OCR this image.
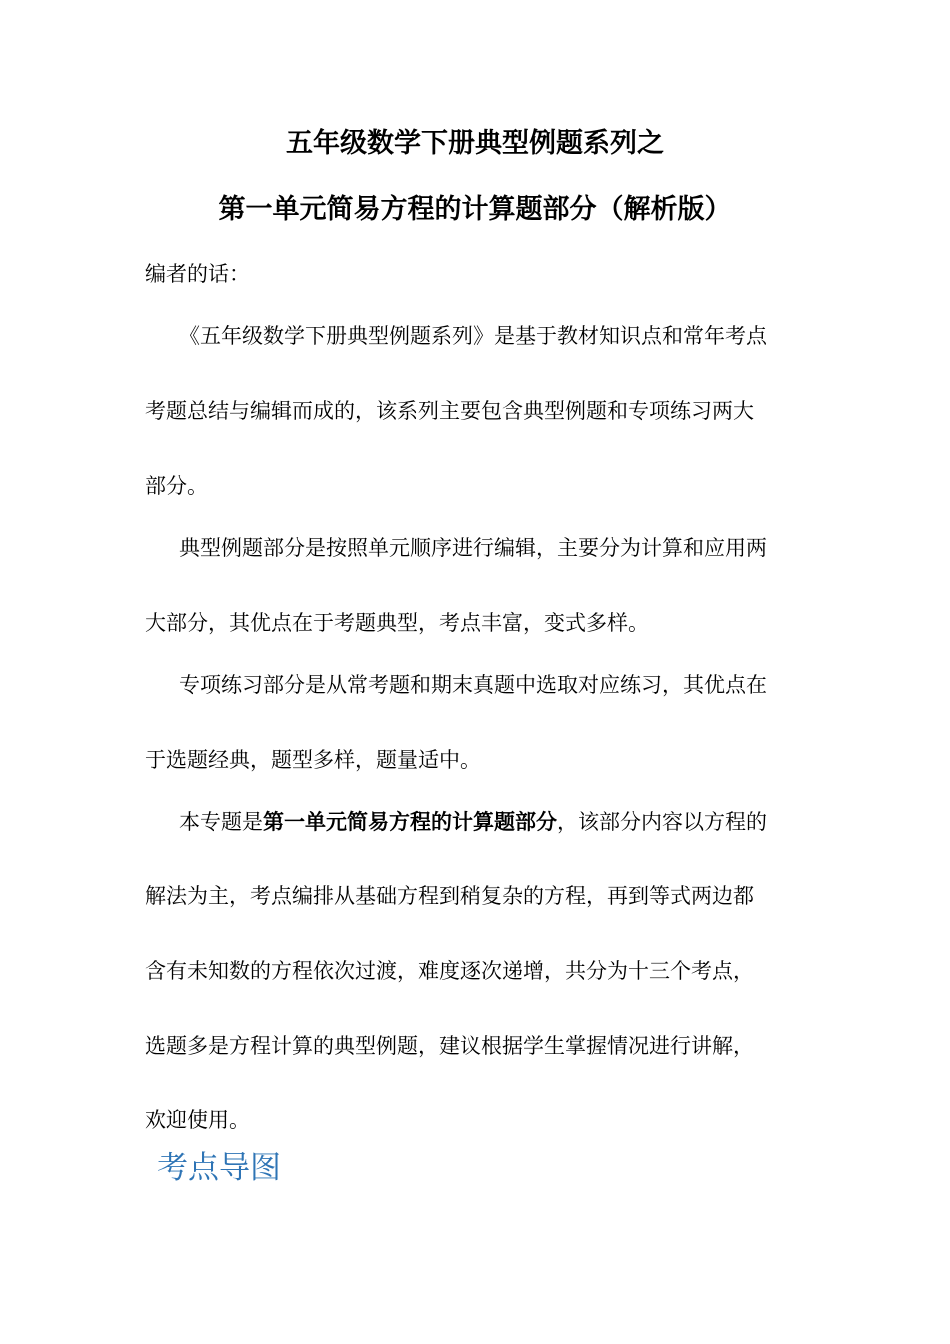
五年级数学下册典型例题系列之
第一单元简易方程的计算题部分（解析版）
编者的话：
《五年级数学下册典型例题系列》是基于教材知识点和常年考点
考题总结与编辑而成的，该系列主要包含典型例题和专项练习两大
部分。
典型例题部分是按照单元顺序进行编辑，主要分为计算和应用两
大部分，其优点在于考题典型，考点丰富，变式多样。
专项练习部分是从常考题和期末真题中选取对应练习，其优点在
于选题经典，题型多样，题量适中。
本专题是第一单元简易方程的计算题部分，该部分内容以方程的
解法为主，考点编排从基础方程到稍复杂的方程，再到等式两边都
含有未知数的方程依次过渡，难度逐次递增，共分为十三个考点，
选题多是方程计算的典型例题，建议根据学生掌握情况进行讲解，
欢迎使用。
考点导图
